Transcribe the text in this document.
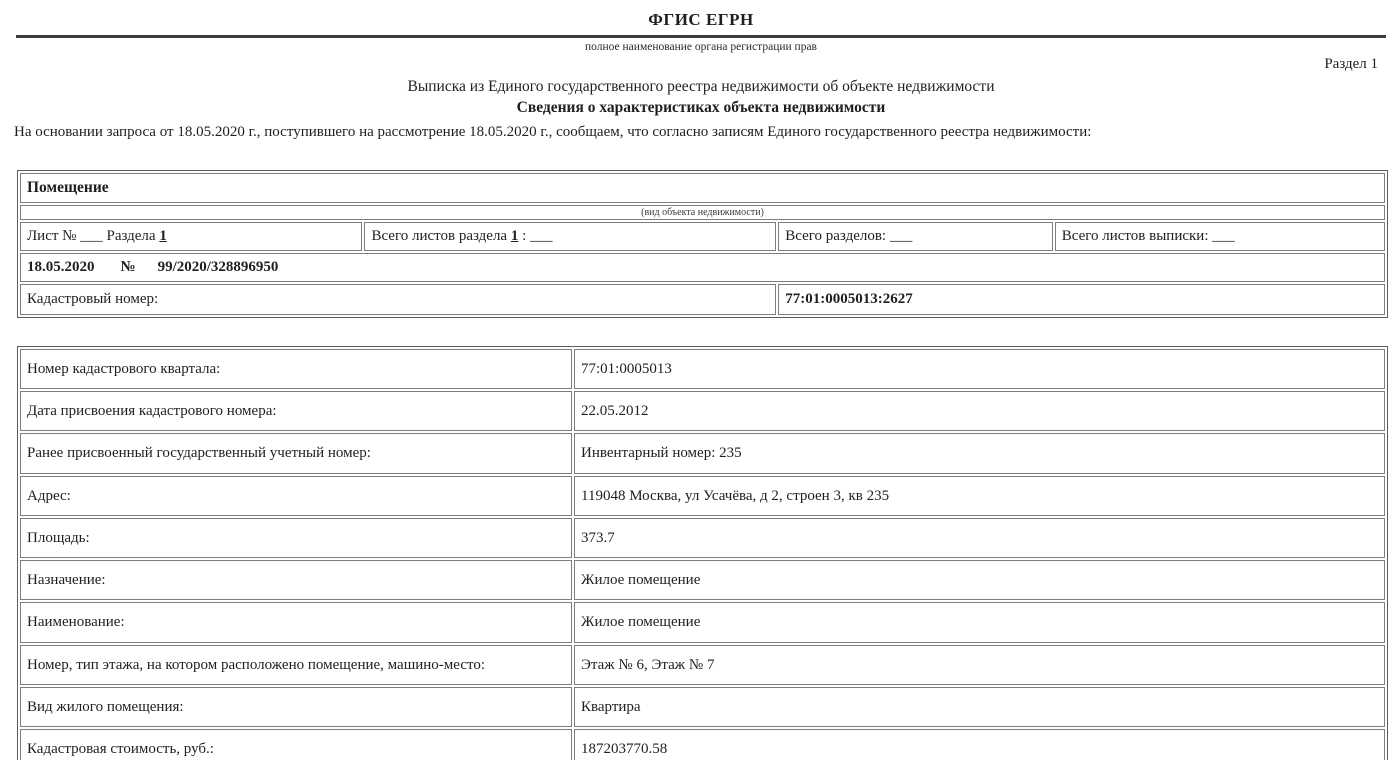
ФГИС ЕГРН
полное наименование органа регистрации прав
Раздел 1
Выписка из Единого государственного реестра недвижимости об объекте недвижимости
Сведения о характеристиках объекта недвижимости

На основании запроса от 18.05.2020 г., поступившего на рассмотрение 18.05.2020 г., сообщаем, что согласно записям Единого государственного реестра недвижимости:

Помещение			
(вид объекта недвижимости)			
Лист № ___ Раздела 1	Всего листов раздела 1 : ___	Всего разделов: ___	Всего листов выписки: ___
18.05.2020 № 99/2020/328896950			
Кадастровый номер:		77:01:0005013:2627	
Номер кадастрового квартала:	77:01:0005013
Дата присвоения кадастрового номера:	22.05.2012
Ранее присвоенный государственный учетный номер:	Инвентарный номер: 235
Адрес:	119048 Москва, ул Усачёва, д 2, строен 3, кв 235
Площадь:	373.7
Назначение:	Жилое помещение
Наименование:	Жилое помещение
Номер, тип этажа, на котором расположено помещение, машино-место:	Этаж № 6, Этаж № 7
Вид жилого помещения:	Квартира
Кадастровая стоимость, руб.:	187203770.58
